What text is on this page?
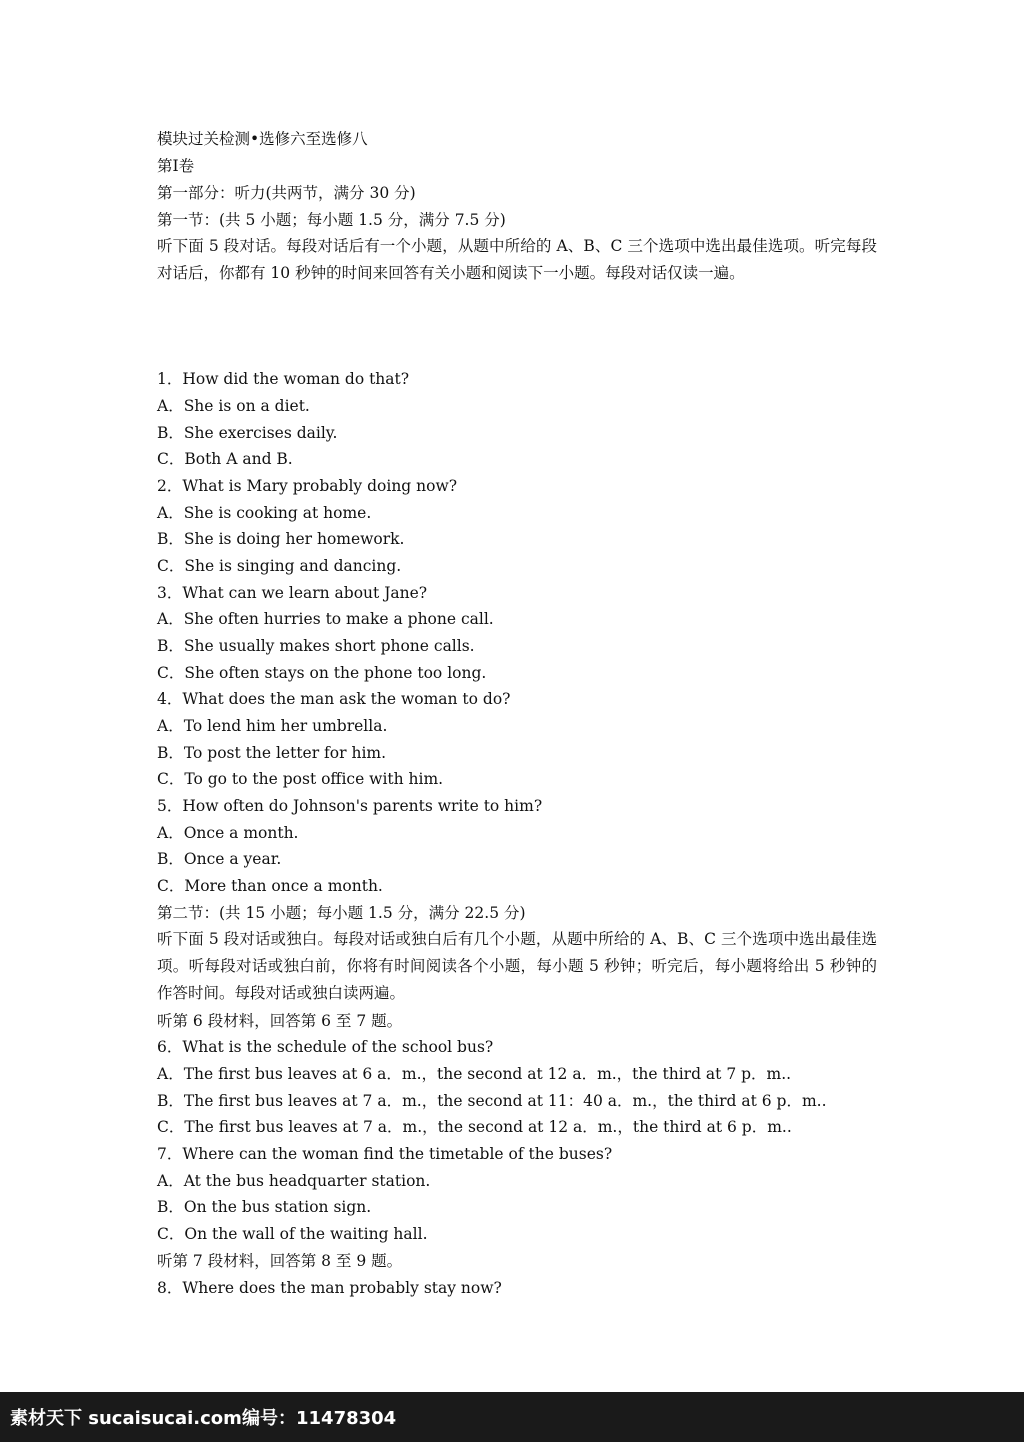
模块过关检测•选修六至选修八

第Ⅰ卷

第一部分：听力(共两节，满分 30 分)

第一节：(共 5 小题；每小题 1.5 分，满分 7.5 分)

听下面 5 段对话。每段对话后有一个小题，从题中所给的 A、B、C 三个选项中选出最佳选项。听完每段对话后，你都有 10 秒钟的时间来回答有关小题和阅读下一小题。每段对话仅读一遍。

1．How did the woman do that?

A．She is on a diet.

B．She exercises daily.

C．Both A and B.

2．What is Mary probably doing now?

A．She is cooking at home.

B．She is doing her homework.

C．She is singing and dancing.

3．What can we learn about Jane?

A．She often hurries to make a phone call.

B．She usually makes short phone calls.

C．She often stays on the phone too long.

4．What does the man ask the woman to do?

A．To lend him her umbrella.

B．To post the letter for him.

C．To go to the post office with him.

5．How often do Johnson's parents write to him?

A．Once a month.

B．Once a year.

C．More than once a month.

第二节：(共 15 小题；每小题 1.5 分，满分 22.5 分)

听下面 5 段对话或独白。每段对话或独白后有几个小题，从题中所给的 A、B、C 三个选项中选出最佳选项。听每段对话或独白前，你将有时间阅读各个小题，每小题 5 秒钟；听完后，每小题将给出 5 秒钟的作答时间。每段对话或独白读两遍。

听第 6 段材料，回答第 6 至 7 题。

6．What is the schedule of the school bus?

A．The first bus leaves at 6 a．m.，the second at 12 a．m.，the third at 7 p．m..

B．The first bus leaves at 7 a．m.，the second at 11：40 a．m.，the third at 6 p．m..

C．The first bus leaves at 7 a．m.，the second at 12 a．m.，the third at 6 p．m..

7．Where can the woman find the timetable of the buses?

A．At the bus headquarter station.

B．On the bus station sign.

C．On the wall of the waiting hall.

听第 7 段材料，回答第 8 至 9 题。

8．Where does the man probably stay now?

素材天下 sucaisucai.com 编号：11478304
